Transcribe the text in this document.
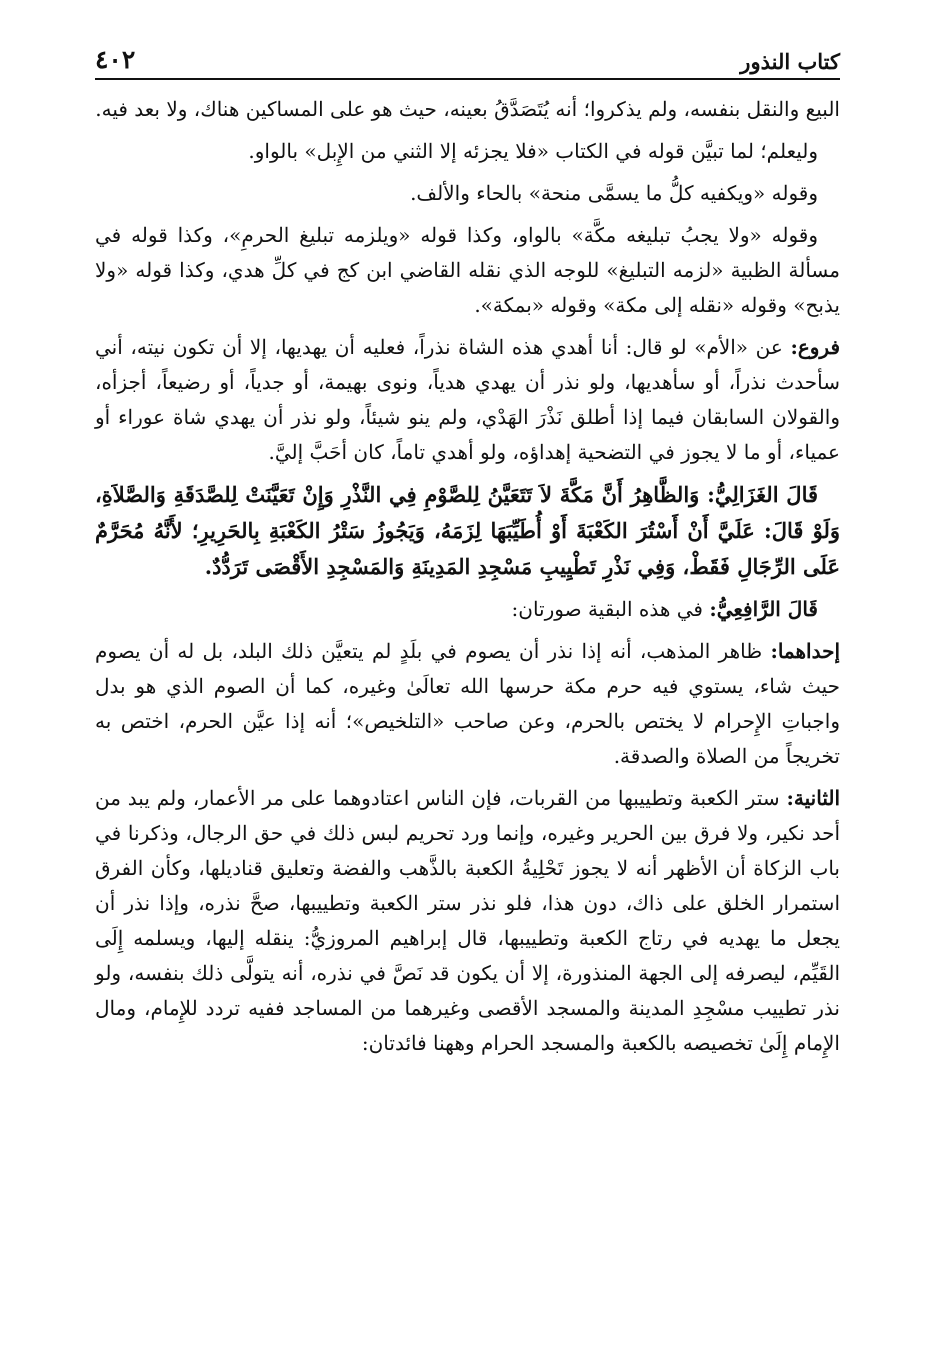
كتاب النذور
٤٠٢

البيع والنقل بنفسه، ولم يذكروا؛ أنه يُتَصَدَّقُ بعينه، حيث هو على المساكين هناك، ولا بعد فيه.

وليعلم؛ لما تبيَّن قوله في الكتاب «فلا يجزئه إلا الثني من الإِبل» بالواو.

وقوله «ويكفيه كلُّ ما يسمَّى منحة» بالحاء والألف.

وقوله «ولا يجبُ تبليغه مكَّة» بالواو، وكذا قوله «ويلزمه تبليغ الحرمِ»، وكذا قوله في مسألة الظبية «لزمه التبليغ» للوجه الذي نقله القاضي ابن كج في كلِّ هدي، وكذا قوله «ولا يذبح» وقوله «نقله إلى مكة» وقوله «بمكة».

فروع: عن «الأم» لو قال: أنا أهدي هذه الشاة نذراً، فعليه أن يهديها، إلا أن تكون نيته، أني سأحدث نذراً، أو سأهديها، ولو نذر أن يهدي هدياً، ونوى بهيمة، أو جدياً، أو رضيعاً، أجزأه، والقولان السابقان فيما إذا أطلق نَذْرَ الهَدْي، ولم ينو شيئاً، ولو نذر أن يهدي شاة عوراء أو عمياء، أو ما لا يجوز في التضحية إهداؤه، ولو أهدي تاماً، كان أحَبَّ إليَّ.

قَالَ الغَزَالِيُّ: وَالظَّاهِرُ أَنَّ مَكَّةَ لاَ تَتَعَيَّنُ لِلصَّوْمِ فِي النَّذْرِ وَإِنْ تَعَيَّنَتْ لِلصَّدَقَةِ وَالصَّلاَةِ، وَلَوْ قَالَ: عَلَيَّ أَنْ أَسْتُرَ الكَعْبَةَ أَوْ أُطَيِّبَهَا لِزَمَهُ، وَيَجُوزُ سَتْرُ الكَعْبَةِ بِالحَرِيرِ؛ لأَنَّهُ مُحَرَّمٌ عَلَى الرِّجَالِ فَقَطْ، وَفِي نَذْرِ تَطْيِيبِ مَسْجِدِ المَدِينَةِ وَالمَسْجِدِ الأَقْصَى تَرَدُّدٌ.

قَالَ الرَّافِعِيُّ: في هذه البقية صورتان:

إحداهما: ظاهر المذهب، أنه إذا نذر أن يصوم في بلَدٍ لم يتعيَّن ذلك البلد، بل له أن يصوم حيث شاء، يستوي فيه حرم مكة حرسها الله تعالَىٰ وغيره، كما أن الصوم الذي هو بدل واجباتِ الإِحرام لا يختص بالحرم، وعن صاحب «التلخيص»؛ أنه إذا عيَّن الحرم، اختص به تخريجاً من الصلاة والصدقة.

الثانية: ستر الكعبة وتطييبها من القربات، فإن الناس اعتادوهما على مر الأعمار، ولم يبد من أحد نكير، ولا فرق بين الحرير وغيره، وإنما ورد تحريم لبس ذلك في حق الرجال، وذكرنا في باب الزكاة أن الأظهر أنه لا يجوز تَحْلِيةُ الكعبة بالذَّهب والفضة وتعليق قناديلها، وكأن الفرق استمرار الخلق على ذاك، دون هذا، فلو نذر ستر الكعبة وتطييبها، صحَّ نذره، وإذا نذر أن يجعل ما يهديه في رتاج الكعبة وتطييبها، قال إبراهيم المروزيُّ: ينقله إليها، ويسلمه إِلَى القَيِّم، ليصرفه إلى الجهة المنذورة، إلا أن يكون قد نَصَّ في نذره، أنه يتولَّى ذلك بنفسه، ولو نذر تطييب مسْجِدِ المدينة والمسجد الأقصى وغيرهما من المساجد ففيه تردد للإِمام، ومال الإِمام إِلَىٰ تخصيصه بالكعبة والمسجد الحرام وههنا فائدتان:
